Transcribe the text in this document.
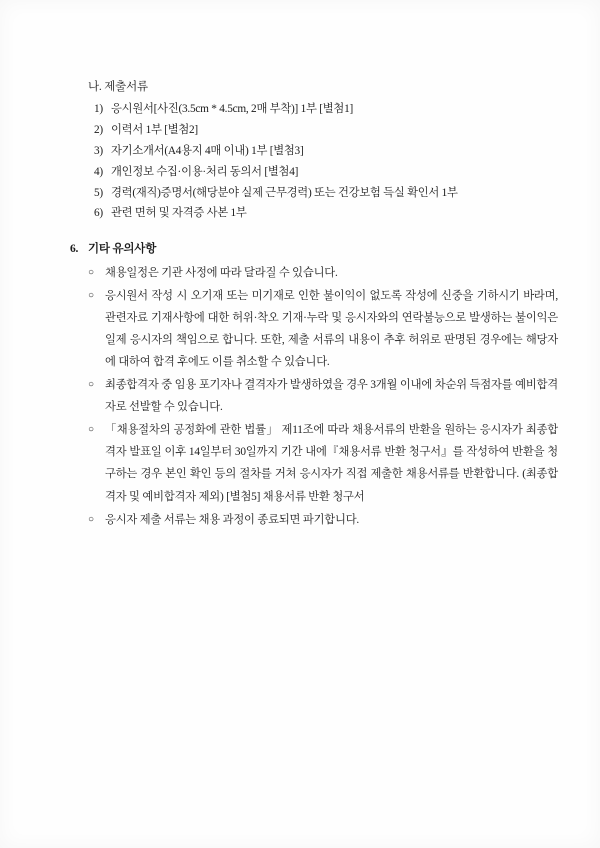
나. 제출서류
1) 응시원서[사진(3.5cm * 4.5cm, 2매 부착)] 1부 [별첨1]
2) 이력서 1부 [별첨2]
3) 자기소개서(A4용지 4매 이내) 1부 [별첨3]
4) 개인정보 수집·이용·처리 동의서 [별첨4]
5) 경력(재직)증명서(해당분야 실제 근무경력) 또는 건강보험 득실 확인서 1부
6) 관련 면허 및 자격증 사본 1부
6. 기타 유의사항
○ 채용일정은 기관 사정에 따라 달라질 수 있습니다.
○ 응시원서 작성 시 오기재 또는 미기재로 인한 불이익이 없도록 작성에 신중을 기하시기 바라며, 관련자료 기재사항에 대한 허위·착오 기재·누락 및 응시자와의 연락불능으로 발생하는 불이익은 일제 응시자의 책임으로 합니다. 또한, 제출 서류의 내용이 추후 허위로 판명된 경우에는 해당자에 대하여 합격 후에도 이를 취소할 수 있습니다.
○ 최종합격자 중 임용 포기자나 결격자가 발생하였을 경우 3개월 이내에 차순위 득점자를 예비합격자로 선발할 수 있습니다.
○ 「채용절차의 공정화에 관한 법률」 제11조에 따라 채용서류의 반환을 원하는 응시자가 최종합격자 발표일 이후 14일부터 30일까지 기간 내에『채용서류 반환 청구서』를 작성하여 반환을 청구하는 경우 본인 확인 등의 절차를 거쳐 응시자가 직접 제출한 채용서류를 반환합니다. (최종합격자 및 예비합격자 제외) [별첨5] 채용서류 반환 청구서
○ 응시자 제출 서류는 채용 과정이 종료되면 파기합니다.
